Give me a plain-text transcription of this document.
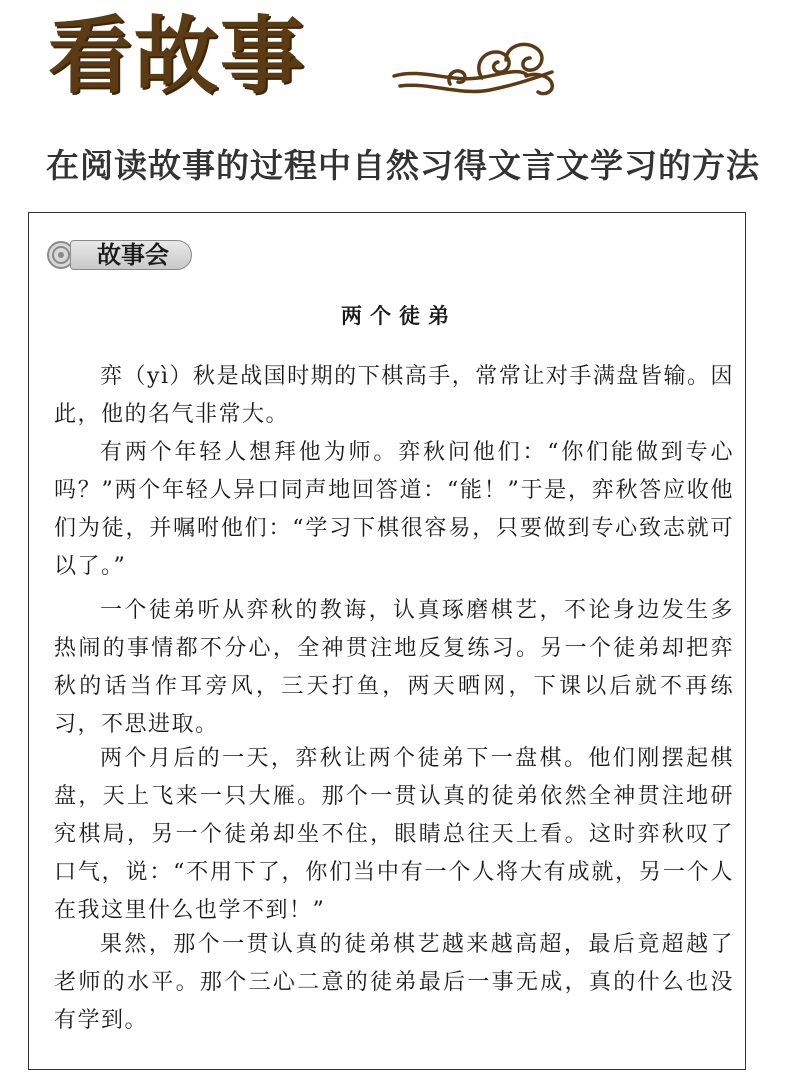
看故事
在阅读故事的过程中自然习得文言文学习的方法
故事会
两个徒弟

弈（yì）秋是战国时期的下棋高手，常常让对手满盘皆输。因此，他的名气非常大。

有两个年轻人想拜他为师。弈秋问他们：“你们能做到专心吗？”两个年轻人异口同声地回答道：“能！”于是，弈秋答应收他们为徒，并嘱咐他们：“学习下棋很容易，只要做到专心致志就可以了。”

一个徒弟听从弈秋的教诲，认真琢磨棋艺，不论身边发生多热闹的事情都不分心，全神贯注地反复练习。另一个徒弟却把弈秋的话当作耳旁风，三天打鱼，两天晒网，下课以后就不再练习，不思进取。

两个月后的一天，弈秋让两个徒弟下一盘棋。他们刚摆起棋盘，天上飞来一只大雁。那个一贯认真的徒弟依然全神贯注地研究棋局，另一个徒弟却坐不住，眼睛总往天上看。这时弈秋叹了口气，说：“不用下了，你们当中有一个人将大有成就，另一个人在我这里什么也学不到！”

果然，那个一贯认真的徒弟棋艺越来越高超，最后竟超越了老师的水平。那个三心二意的徒弟最后一事无成，真的什么也没有学到。
